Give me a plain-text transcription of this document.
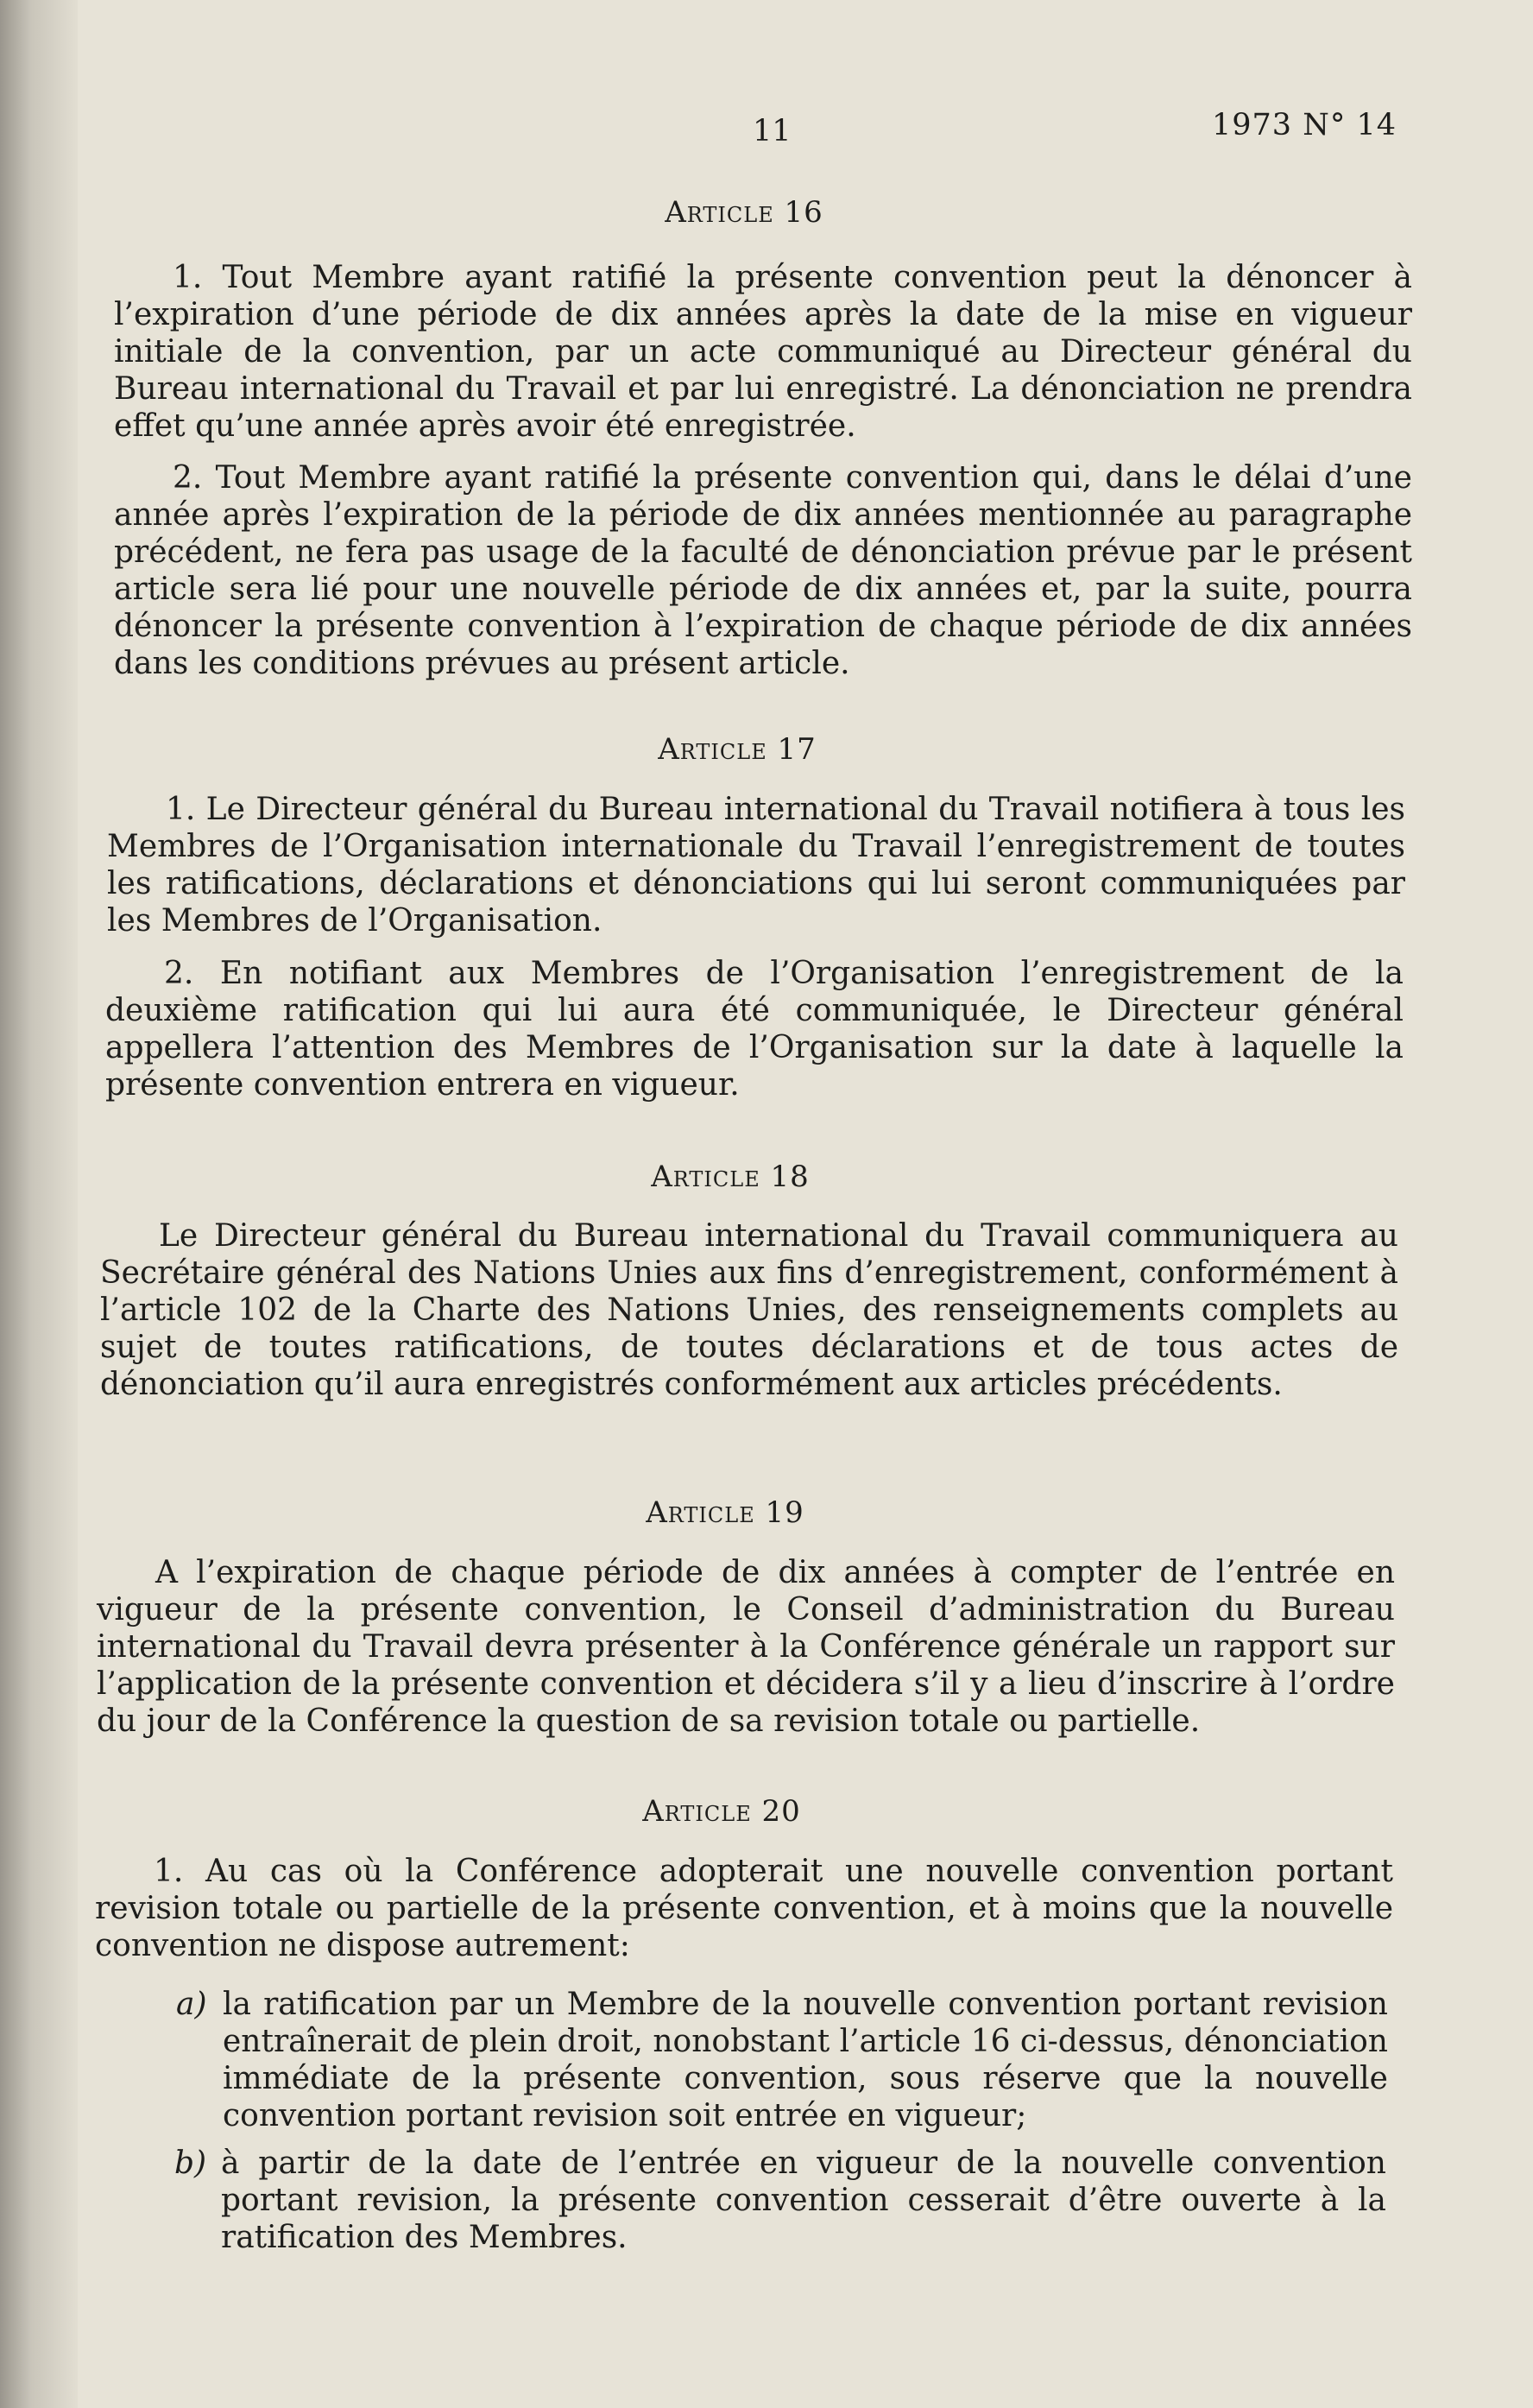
11	1973 N° 14
Article 16

1. Tout Membre ayant ratifié la présente convention peut la dénoncer à l’expiration d’une période de dix années après la date de la mise en vigueur initiale de la convention, par un acte communiqué au Directeur général du Bureau international du Travail et par lui enregistré. La dénonciation ne prendra effet qu’une année après avoir été enregistrée.

2. Tout Membre ayant ratifié la présente convention qui, dans le délai d’une année après l’expiration de la période de dix années mentionnée au paragraphe précédent, ne fera pas usage de la faculté de dénonciation prévue par le présent article sera lié pour une nouvelle période de dix années et, par la suite, pourra dénoncer la présente convention à l’expiration de chaque période de dix années dans les conditions prévues au présent article.

Article 17

1. Le Directeur général du Bureau international du Travail notifiera à tous les Membres de l’Organisation internationale du Travail l’enregistrement de toutes les ratifications, déclarations et dénonciations qui lui seront communiquées par les Membres de l’Organisation.

2. En notifiant aux Membres de l’Organisation l’enregistrement de la deuxième ratification qui lui aura été communiquée, le Directeur général appellera l’attention des Membres de l’Organisation sur la date à laquelle la présente convention entrera en vigueur.

Article 18

Le Directeur général du Bureau international du Travail communiquera au Secrétaire général des Nations Unies aux fins d’enregistrement, conformément à l’article 102 de la Charte des Nations Unies, des renseignements complets au sujet de toutes ratifications, de toutes déclarations et de tous actes de dénonciation qu’il aura enregistrés conformément aux articles précédents.

Article 19

A l’expiration de chaque période de dix années à compter de l’entrée en vigueur de la présente convention, le Conseil d’administration du Bureau international du Travail devra présenter à la Conférence générale un rapport sur l’application de la présente convention et décidera s’il y a lieu d’inscrire à l’ordre du jour de la Conférence la question de sa revision totale ou partielle.

Article 20

1. Au cas où la Conférence adopterait une nouvelle convention portant revision totale ou partielle de la présente convention, et à moins que la nouvelle convention ne dispose autrement:

a) la ratification par un Membre de la nouvelle convention portant revision entraînerait de plein droit, nonobstant l’article 16 ci-dessus, dénonciation immédiate de la présente convention, sous réserve que la nouvelle convention portant revision soit entrée en vigueur;
b) à partir de la date de l’entrée en vigueur de la nouvelle convention portant revision, la présente convention cesserait d’être ouverte à la ratification des Membres.
